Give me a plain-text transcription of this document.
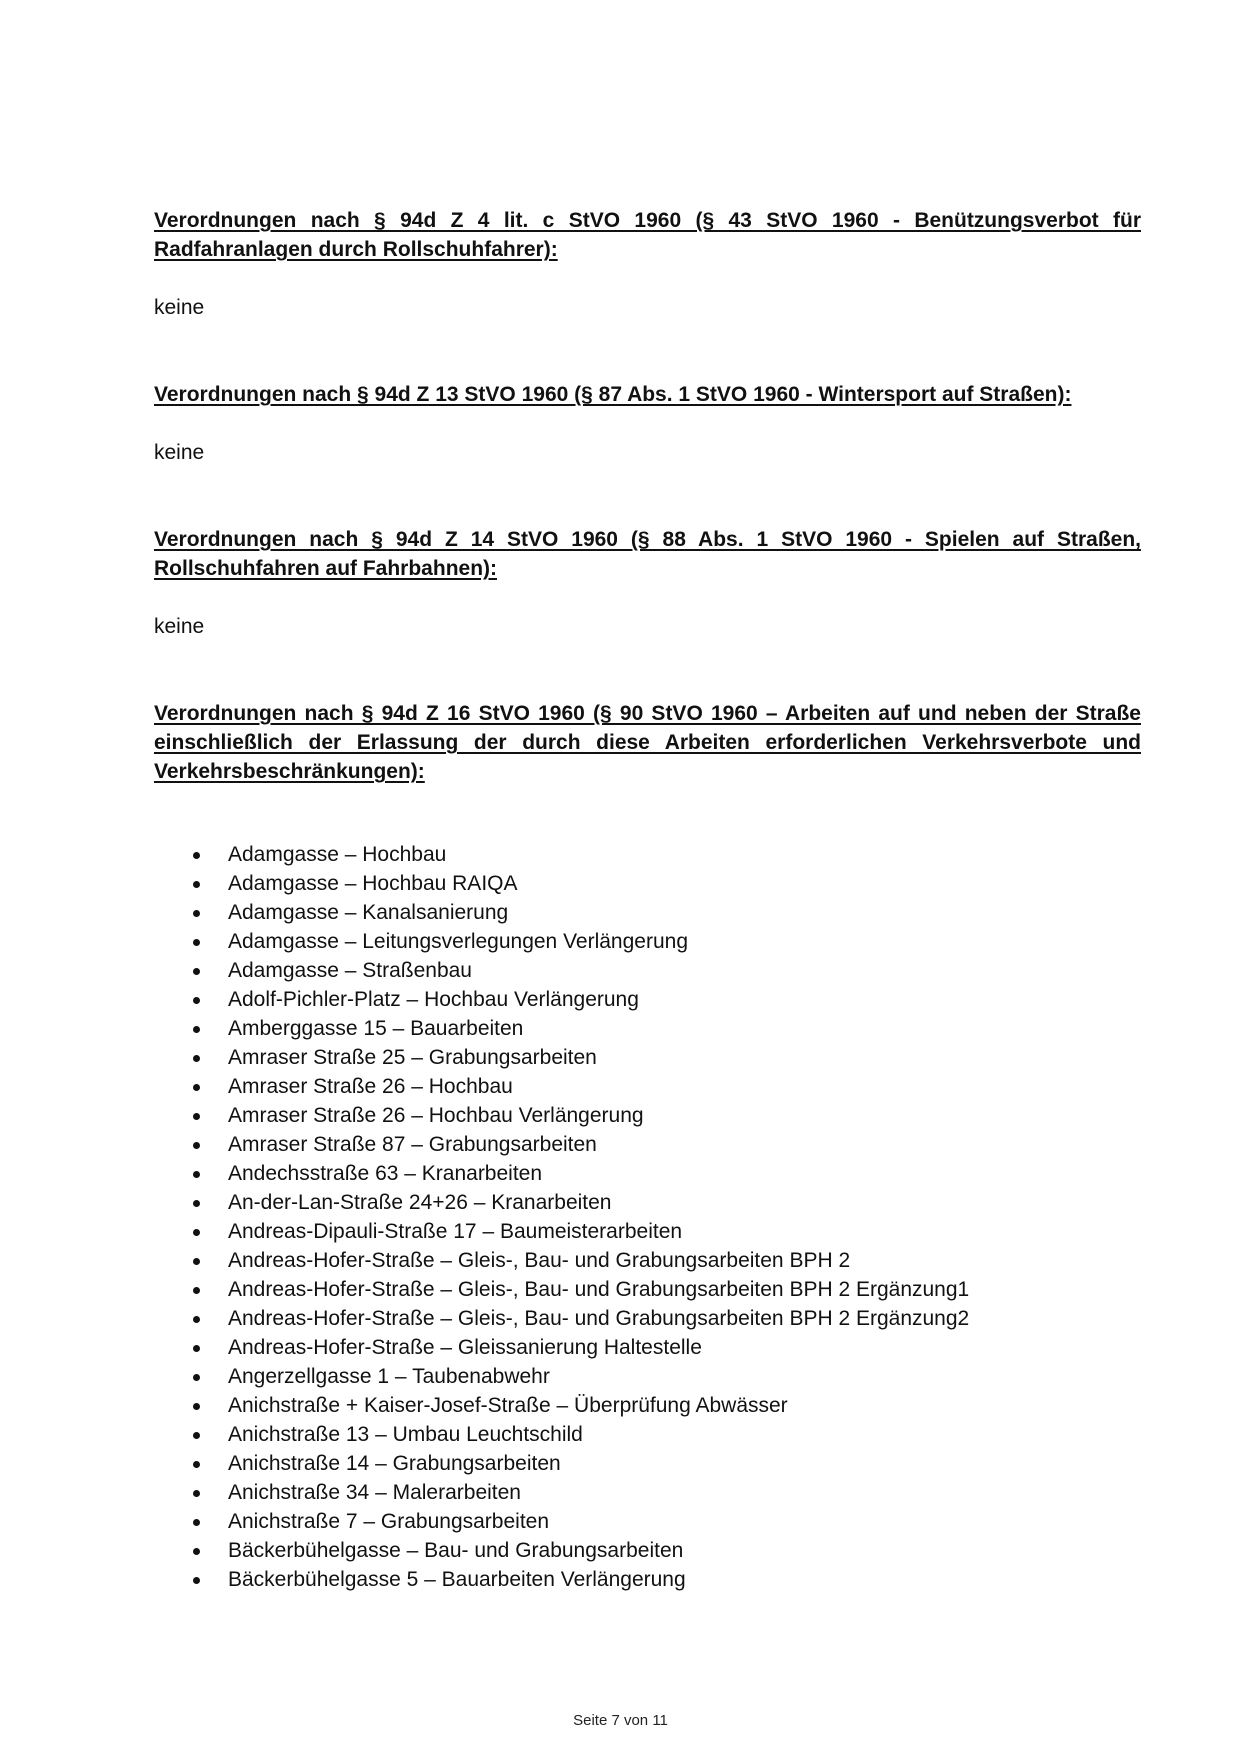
Verordnungen nach § 94d Z 4 lit. c StVO 1960 (§ 43 StVO 1960 - Benützungsverbot für Radfahranlagen durch Rollschuhfahrer):

keine

Verordnungen nach § 94d Z 13 StVO 1960 (§ 87 Abs. 1 StVO 1960 - Wintersport auf Straßen):

keine

Verordnungen nach § 94d Z 14 StVO 1960 (§ 88 Abs. 1 StVO 1960 - Spielen auf Straßen, Rollschuhfahren auf Fahrbahnen):

keine

Verordnungen nach § 94d Z 16 StVO 1960 (§ 90 StVO 1960 – Arbeiten auf und neben der Straße einschließlich der Erlassung der durch diese Arbeiten erforderlichen Verkehrsverbote und Verkehrsbeschränkungen):

Adamgasse – Hochbau
Adamgasse – Hochbau RAIQA
Adamgasse – Kanalsanierung
Adamgasse – Leitungsverlegungen Verlängerung
Adamgasse – Straßenbau
Adolf-Pichler-Platz – Hochbau Verlängerung
Amberggasse 15 – Bauarbeiten
Amraser Straße 25 – Grabungsarbeiten
Amraser Straße 26 – Hochbau
Amraser Straße 26 – Hochbau Verlängerung
Amraser Straße 87 – Grabungsarbeiten
Andechsstraße 63 – Kranarbeiten
An-der-Lan-Straße 24+26 – Kranarbeiten
Andreas-Dipauli-Straße 17 – Baumeisterarbeiten
Andreas-Hofer-Straße – Gleis-, Bau- und Grabungsarbeiten BPH 2
Andreas-Hofer-Straße – Gleis-, Bau- und Grabungsarbeiten BPH 2 Ergänzung1
Andreas-Hofer-Straße – Gleis-, Bau- und Grabungsarbeiten BPH 2 Ergänzung2
Andreas-Hofer-Straße – Gleissanierung Haltestelle
Angerzellgasse 1 – Taubenabwehr
Anichstraße + Kaiser-Josef-Straße – Überprüfung Abwässer
Anichstraße 13 – Umbau Leuchtschild
Anichstraße 14 – Grabungsarbeiten
Anichstraße 34 – Malerarbeiten
Anichstraße 7 – Grabungsarbeiten
Bäckerbühelgasse – Bau- und Grabungsarbeiten
Bäckerbühelgasse 5 – Bauarbeiten Verlängerung
Seite 7 von 11
